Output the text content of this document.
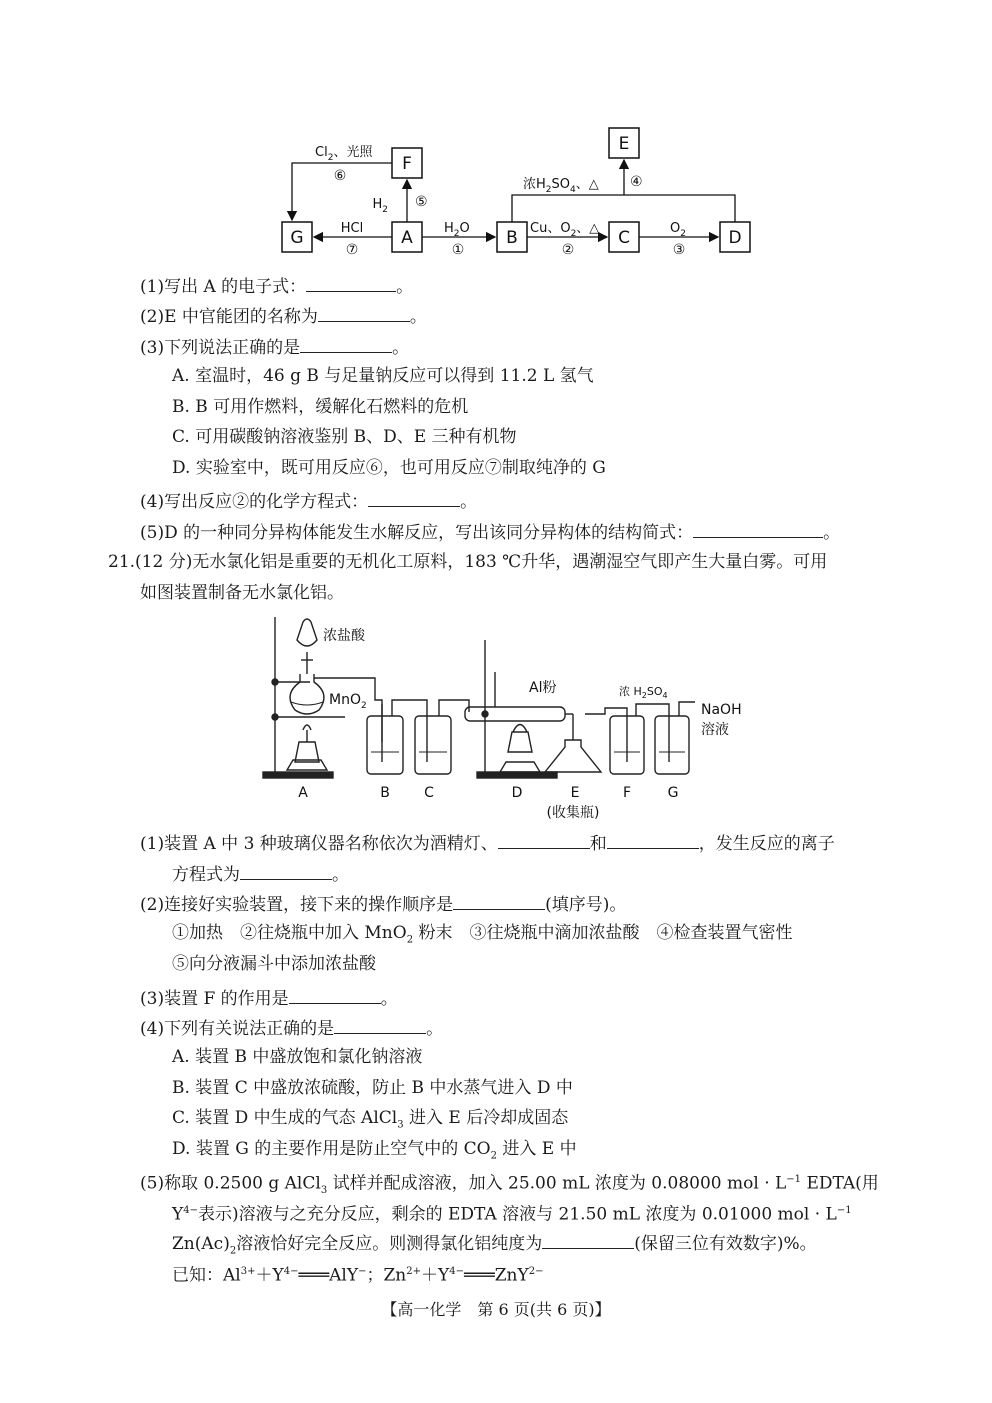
G	A
F
B	C	D
E
$Cl_2$、光照
⑥
$H_2$ ⑤
HCl
⑦
$H_2O$
①
Cu、$O_2$、△
②
$O_2$
③
浓$H_2SO_4$、△ ④
(1)写出 A 的电子式：	。
(2)E 中官能团的名称为	。
(3)下列说法正确的是	。
A. 室温时，46 g B 与足量钠反应可以得到 11.2 L 氢气
B. B 可用作燃料，缓解化石燃料的危机
C. 可用碳酸钠溶液鉴别 B、D、E 三种有机物
D. 实验室中，既可用反应⑥，也可用反应⑦制取纯净的 G
(4)写出反应②的化学方程式：	。
(5)D 的一种同分异构体能发生水解反应，写出该同分异构体的结构简式：	。
21.(12 分)无水氯化铝是重要的无机化工原料，183 ℃升华，遇潮湿空气即产生大量白雾。可用
如图装置制备无水氯化铝。
浓盐酸
MnO$_2$
Al粉	浓 $H_2SO_4$
NaOH
溶液
A	B C	D	E	F	G
(收集瓶)
(1)装置 A 中 3 种玻璃仪器名称依次为酒精灯、	和	，发生反应的离子
方程式为	。
(2)连接好实验装置，接下来的操作顺序是	(填序号)。
①加热　②往烧瓶中加入 MnO$_2$ 粉末　③往烧瓶中滴加浓盐酸　④检查装置气密性
⑤向分液漏斗中添加浓盐酸
(3)装置 F 的作用是	。
(4)下列有关说法正确的是	。
A. 装置 B 中盛放饱和氯化钠溶液
B. 装置 C 中盛放浓硫酸，防止 B 中水蒸气进入 D 中
C. 装置 D 中生成的气态 AlCl$_3$ 进入 E 后冷却成固态
D. 装置 G 的主要作用是防止空气中的 $CO_2$ 进入 E 中
(5)称取 0.2500 g AlCl$_3$ 试样并配成溶液，加入 25.00 mL 浓度为 0.08000 mol · $L^{-1}$ EDTA(用
$Y^{4-}$表示)溶液与之充分反应，剩余的 EDTA 溶液与 21.50 mL 浓度为 0.01000 mol · $L^{-1}$
$Zn(Ac)_2$溶液恰好完全反应。则测得氯化铝纯度为	(保留三位有效数字)%。
已知：$Al^{3+}+Y^{4-}═══AlY^-$；$Zn^{2+}+Y^{4-}═══ZnY^{2-}$
【高一化学　第 6 页(共 6 页)】
